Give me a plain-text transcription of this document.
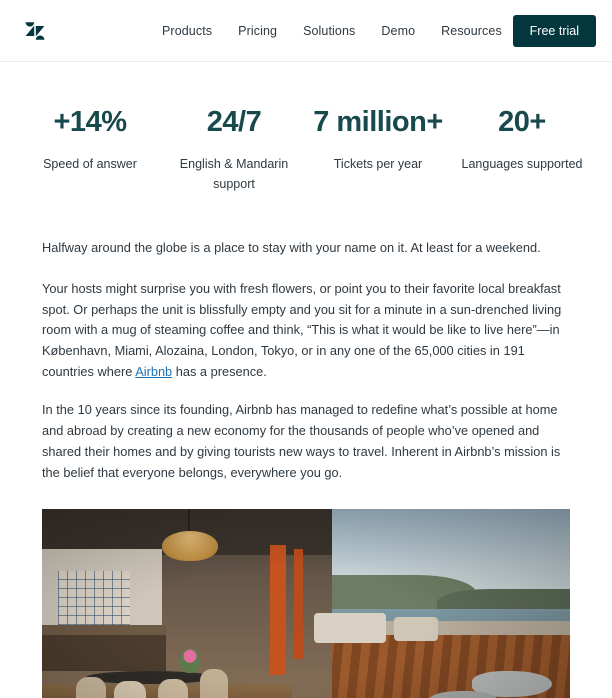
Products Pricing Solutions Demo Resources	Free trial
+14%
Speed of answer
24/7
English & Mandarin support
7 million+
Tickets per year
20+
Languages supported

Halfway around the globe is a place to stay with your name on it. At least for a weekend.

Your hosts might surprise you with fresh flowers, or point you to their favorite local breakfast spot. Or perhaps the unit is blissfully empty and you sit for a minute in a sun-drenched living room with a mug of steaming coffee and think, “This is what it would be like to live here”—in København, Miami, Alozaina, London, Tokyo, or in any one of the 65,000 cities in 191 countries where Airbnb has a presence.

In the 10 years since its founding, Airbnb has managed to redefine what’s possible at home and abroad by creating a new economy for the thousands of people who’ve opened and shared their homes and by giving tourists new ways to travel. Inherent in Airbnb’s mission is the belief that everyone belongs, everywhere you go.
